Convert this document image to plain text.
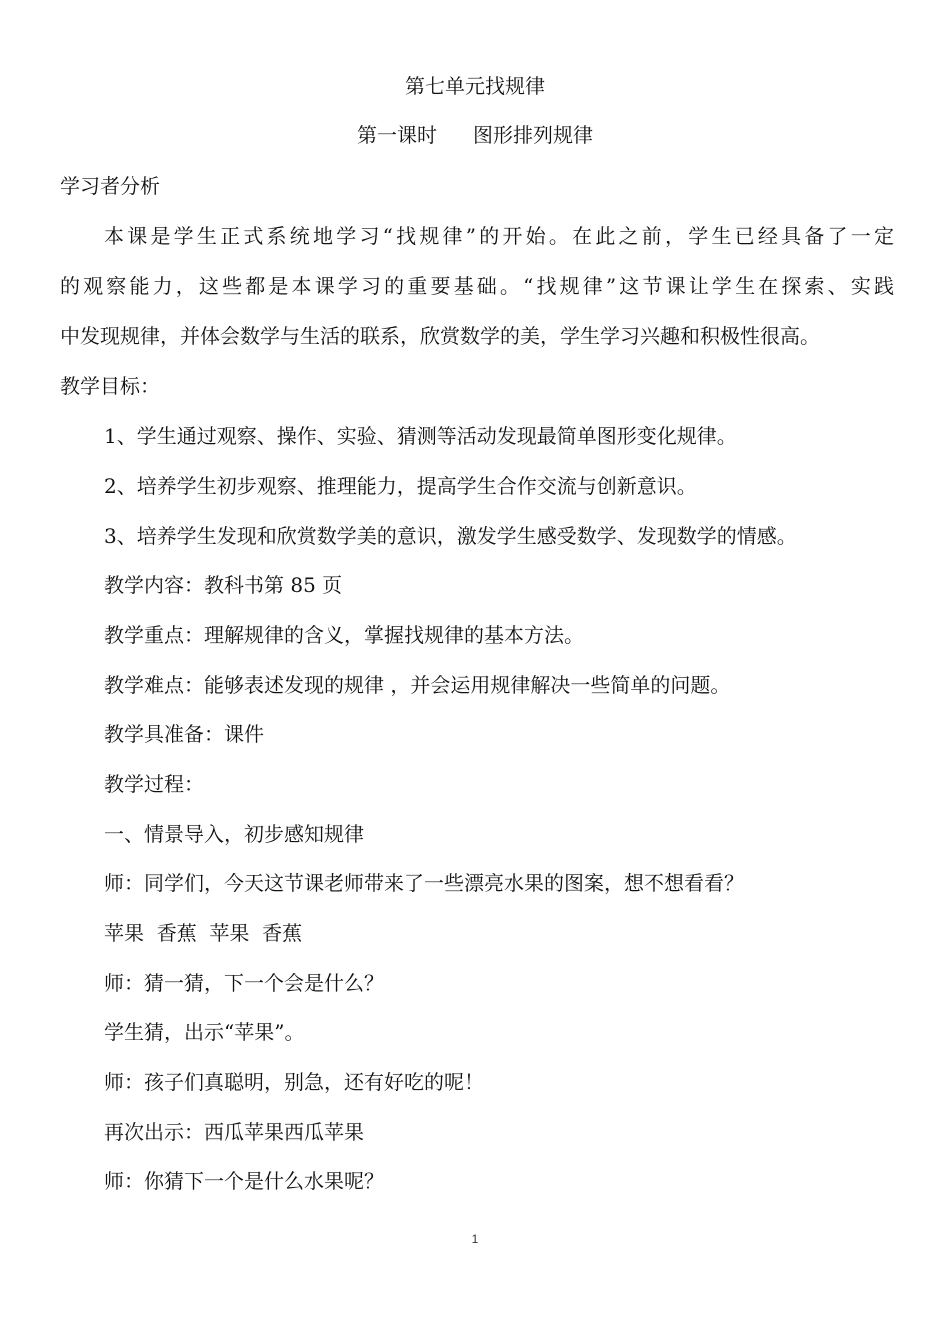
第七单元找规律
第一课时 图形排列规律
学习者分析
本课是学生正式系统地学习“找规律”的开始。在此之前，学生已经具备了一定
的观察能力，这些都是本课学习的重要基础。“找规律”这节课让学生在探索、实践
中发现规律，并体会数学与生活的联系，欣赏数学的美，学生学习兴趣和积极性很高。
教学目标：
1、学生通过观察、操作、实验、猜测等活动发现最简单图形变化规律。
2、培养学生初步观察、推理能力，提高学生合作交流与创新意识。
3、培养学生发现和欣赏数学美的意识，激发学生感受数学、发现数学的情感。
教学内容：教科书第 85 页
教学重点：理解规律的含义，掌握找规律的基本方法。
教学难点：能够表述发现的规律 ，并会运用规律解决一些简单的问题。
教学具准备：课件
教学过程：
一、情景导入，初步感知规律
师：同学们，今天这节课老师带来了一些漂亮水果的图案，想不想看看？
苹果  香蕉  苹果  香蕉
师：猜一猜，下一个会是什么？
学生猜，出示“苹果”。
师：孩子们真聪明，别急，还有好吃的呢！
再次出示：西瓜苹果西瓜苹果
师：你猜下一个是什么水果呢？
1
